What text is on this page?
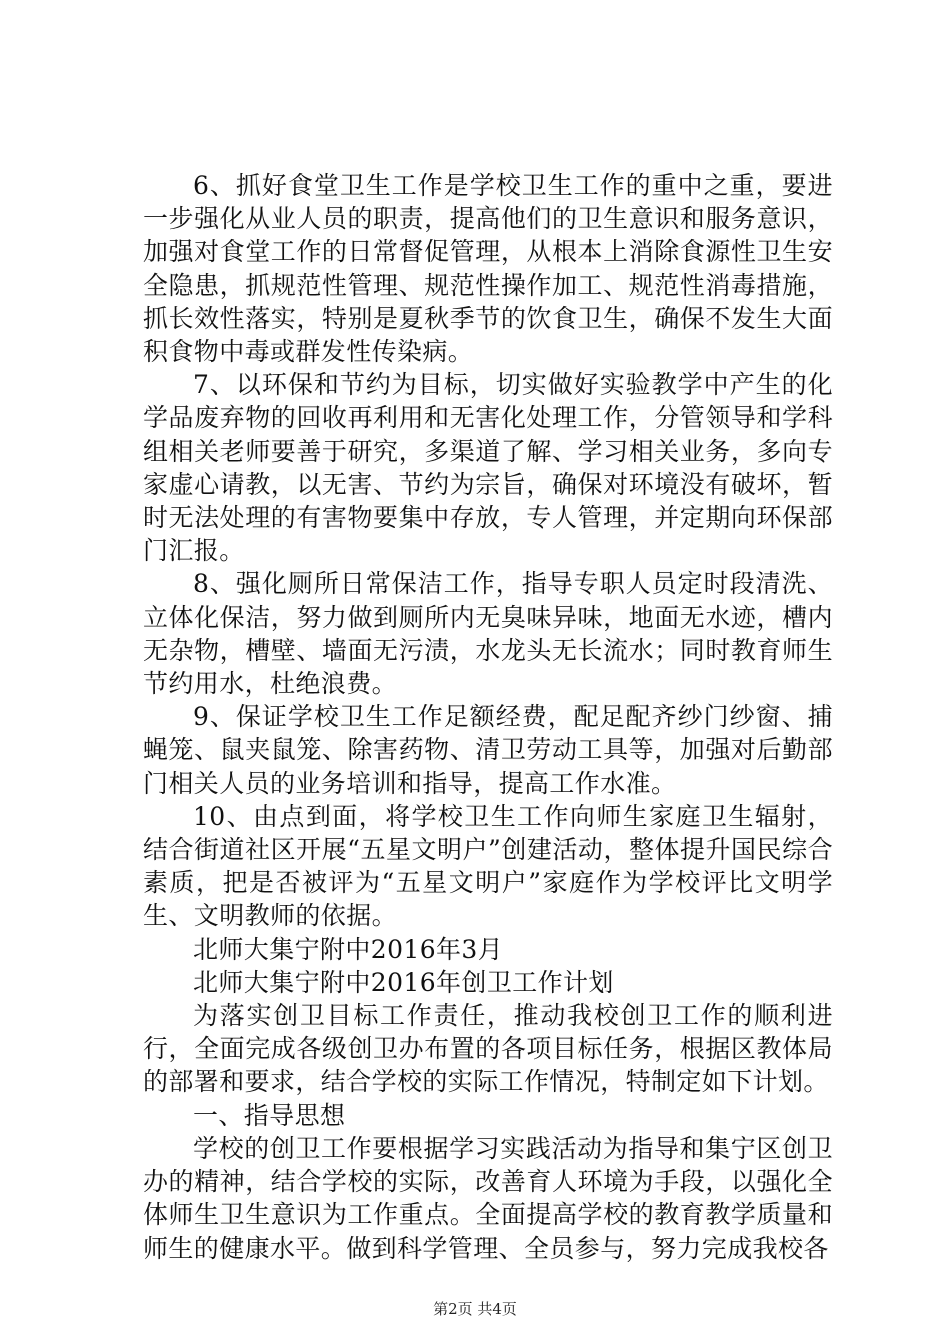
6、抓好食堂卫生工作是学校卫生工作的重中之重，要进一步强化从业人员的职责，提高他们的卫生意识和服务意识，加强对食堂工作的日常督促管理，从根本上消除食源性卫生安全隐患，抓规范性管理、规范性操作加工、规范性消毒措施，抓长效性落实，特别是夏秋季节的饮食卫生，确保不发生大面积食物中毒或群发性传染病。

7、以环保和节约为目标，切实做好实验教学中产生的化学品废弃物的回收再利用和无害化处理工作，分管领导和学科组相关老师要善于研究，多渠道了解、学习相关业务，多向专家虚心请教，以无害、节约为宗旨，确保对环境没有破坏，暂时无法处理的有害物要集中存放，专人管理，并定期向环保部门汇报。

8、强化厕所日常保洁工作，指导专职人员定时段清洗、立体化保洁，努力做到厕所内无臭味异味，地面无水迹，槽内无杂物，槽壁、墙面无污渍，水龙头无长流水；同时教育师生节约用水，杜绝浪费。

9、保证学校卫生工作足额经费，配足配齐纱门纱窗、捕蝇笼、鼠夹鼠笼、除害药物、清卫劳动工具等，加强对后勤部门相关人员的业务培训和指导，提高工作水准。

10、由点到面，将学校卫生工作向师生家庭卫生辐射，结合街道社区开展“五星文明户”创建活动，整体提升国民综合素质，把是否被评为“五星文明户”家庭作为学校评比文明学生、文明教师的依据。

北师大集宁附中2016年3月

北师大集宁附中2016年创卫工作计划

为落实创卫目标工作责任，推动我校创卫工作的顺利进行，全面完成各级创卫办布置的各项目标任务，根据区教体局的部署和要求，结合学校的实际工作情况，特制定如下计划。

一、指导思想

学校的创卫工作要根据学习实践活动为指导和集宁区创卫办的精神，结合学校的实际，改善育人环境为手段，以强化全体师生卫生意识为工作重点。全面提高学校的教育教学质量和师生的健康水平。做到科学管理、全员参与，努力完成我校各

第2页 共4页
